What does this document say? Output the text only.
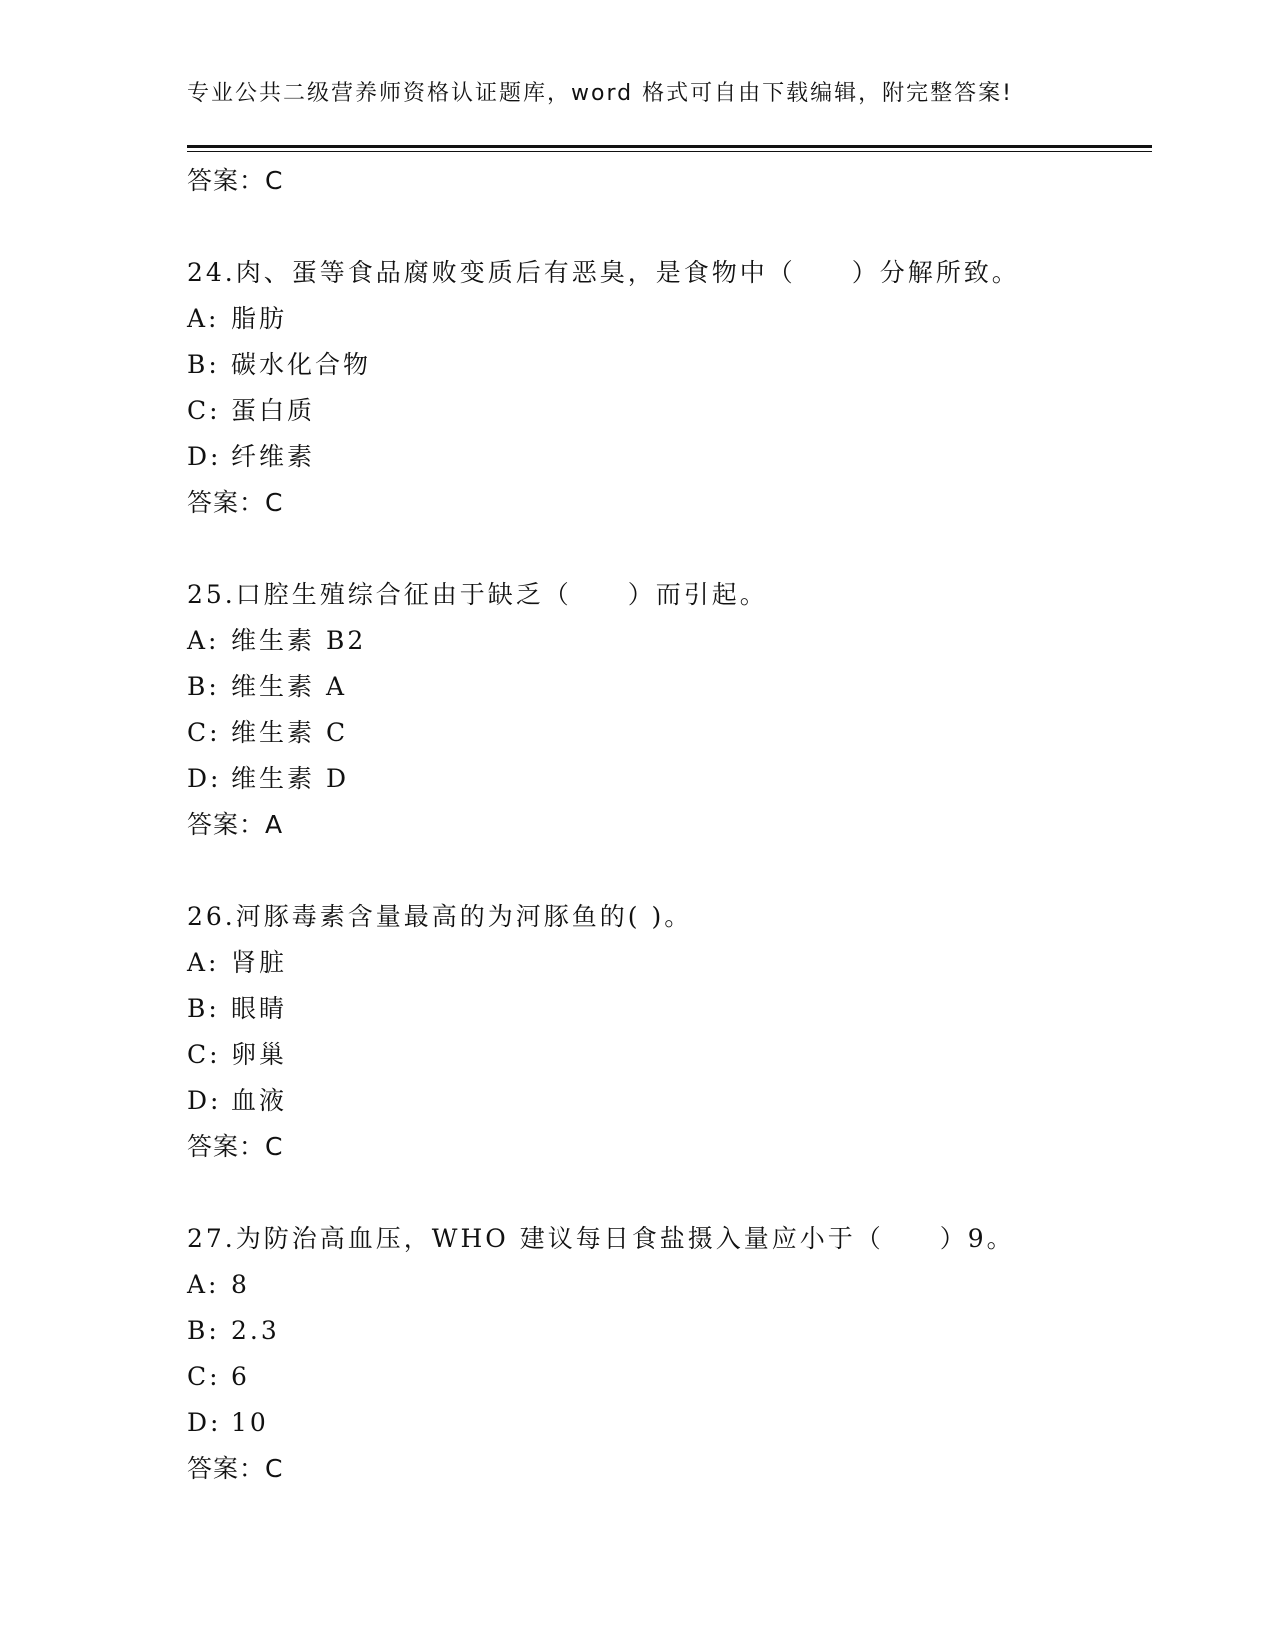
专业公共二级营养师资格认证题库，word 格式可自由下载编辑，附完整答案!
答案：C
24.肉、蛋等食品腐败变质后有恶臭，是食物中（　　）分解所致。
A: 脂肪
B: 碳水化合物
C: 蛋白质
D: 纤维素
答案：C
25.口腔生殖综合征由于缺乏（　　）而引起。
A: 维生素 B2
B: 维生素 A
C: 维生素 C
D: 维生素 D
答案：A
26.河豚毒素含量最高的为河豚鱼的( )。
A: 肾脏
B: 眼睛
C: 卵巢
D: 血液
答案：C
27.为防治高血压，WHO 建议每日食盐摄入量应小于（　　）9。
A: 8
B: 2.3
C: 6
D: 10
答案：C
